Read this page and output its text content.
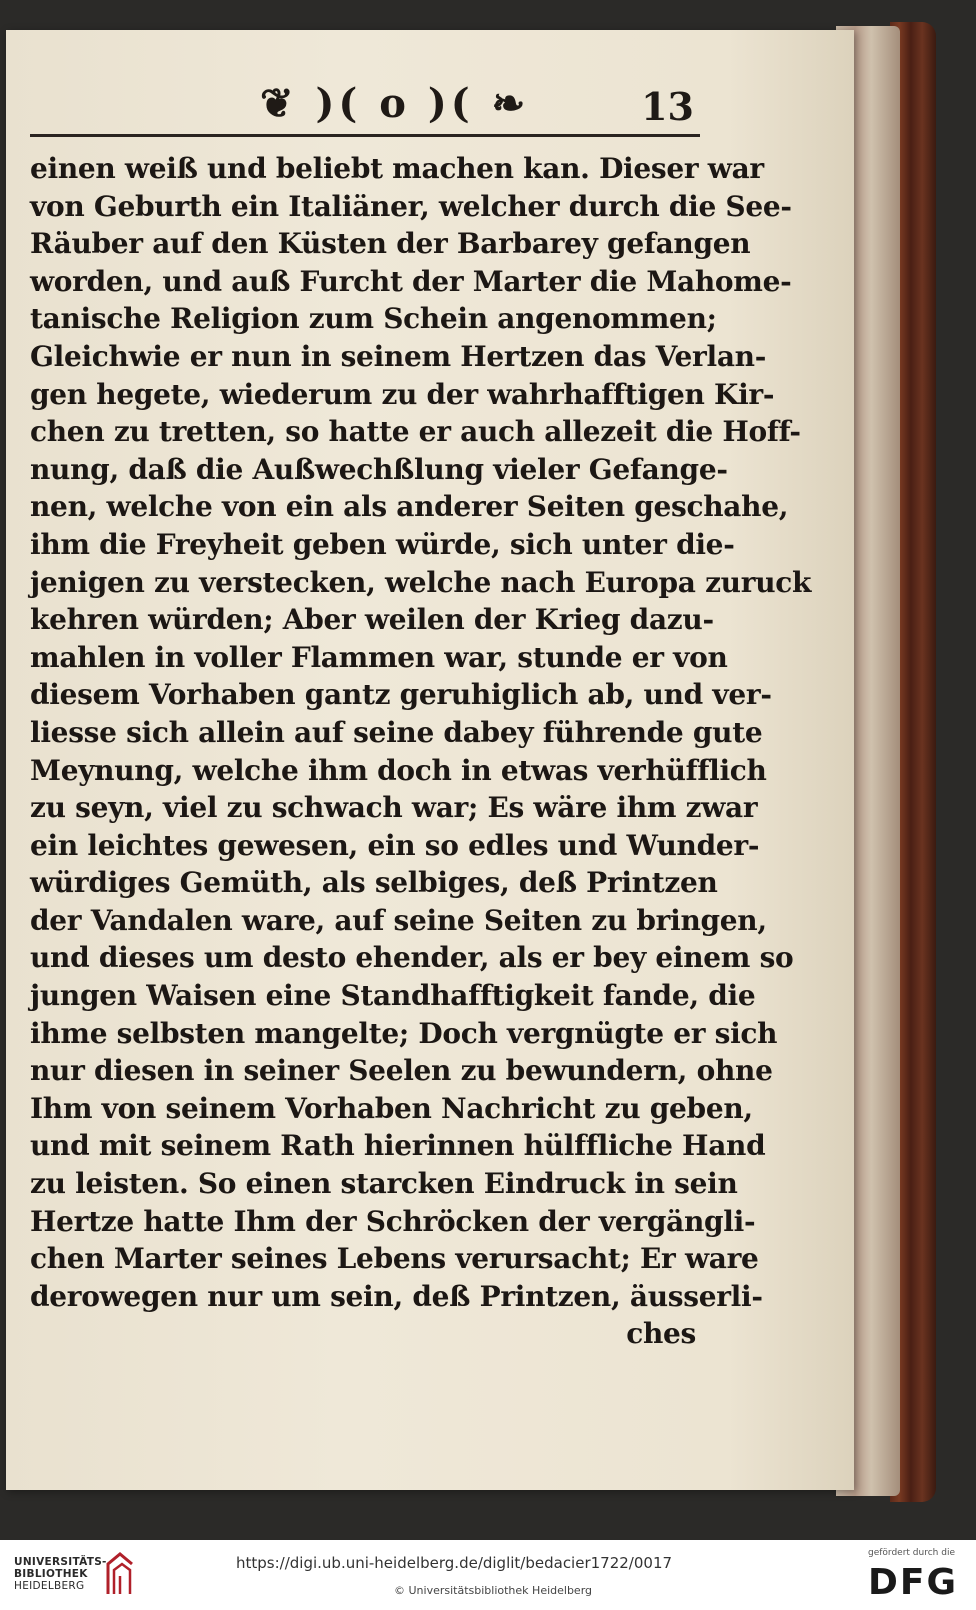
❦ )( o )( ❧	13
einen weiß und beliebt machen kan. Dieser war
von Geburth ein Italiäner, welcher durch die See-
Räuber auf den Küsten der Barbarey gefangen
worden, und auß Furcht der Marter die Mahome-
tanische Religion zum Schein angenommen;
Gleichwie er nun in seinem Hertzen das Verlan-
gen hegete, wiederum zu der wahrhafftigen Kir-
chen zu tretten, so hatte er auch allezeit die Hoff-
nung, daß die Außwechßlung vieler Gefange-
nen, welche von ein als anderer Seiten geschahe,
ihm die Freyheit geben würde, sich unter die-
jenigen zu verstecken, welche nach Europa zuruck
kehren würden; Aber weilen der Krieg dazu-
mahlen in voller Flammen war, stunde er von
diesem Vorhaben gantz geruhiglich ab, und ver-
liesse sich allein auf seine dabey führende gute
Meynung, welche ihm doch in etwas verhüfflich
zu seyn, viel zu schwach war; Es wäre ihm zwar
ein leichtes gewesen, ein so edles und Wunder-
würdiges Gemüth, als selbiges, deß Printzen
der Vandalen ware, auf seine Seiten zu bringen,
und dieses um desto ehender, als er bey einem so
jungen Waisen eine Standhafftigkeit fande, die
ihme selbsten mangelte; Doch vergnügte er sich
nur diesen in seiner Seelen zu bewundern, ohne
Ihm von seinem Vorhaben Nachricht zu geben,
und mit seinem Rath hierinnen hülffliche Hand
zu leisten. So einen starcken Eindruck in sein
Hertze hatte Ihm der Schröcken der vergängli-
chen Marter seines Lebens verursacht; Er ware
derowegen nur um sein, deß Printzen, äusserli-
ches
UNIVERSITÄTS-
BIBLIOTHEK
HEIDELBERG
https://digi.ub.uni-heidelberg.de/diglit/bedacier1722/0017
© Universitätsbibliothek Heidelberg
gefördert durch die
DFG
